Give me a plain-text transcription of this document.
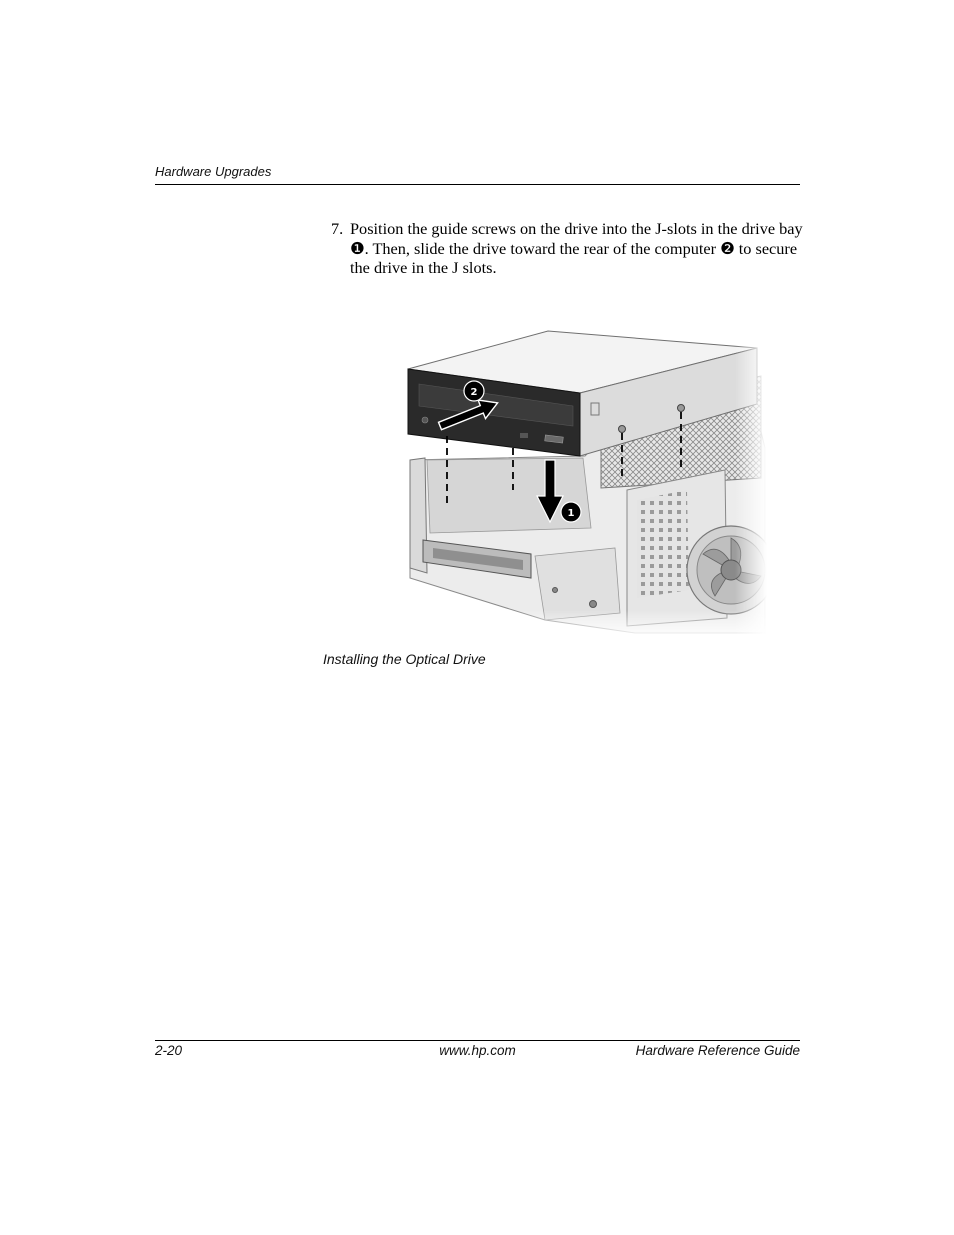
Hardware Upgrades
7. Position the guide screws on the drive into the J-slots in the drive bay ❶. Then, slide the drive toward the rear of the computer ❷ to secure the drive in the J slots.

1
2
Installing the Optical Drive
2-20	www.hp.com	Hardware Reference Guide
